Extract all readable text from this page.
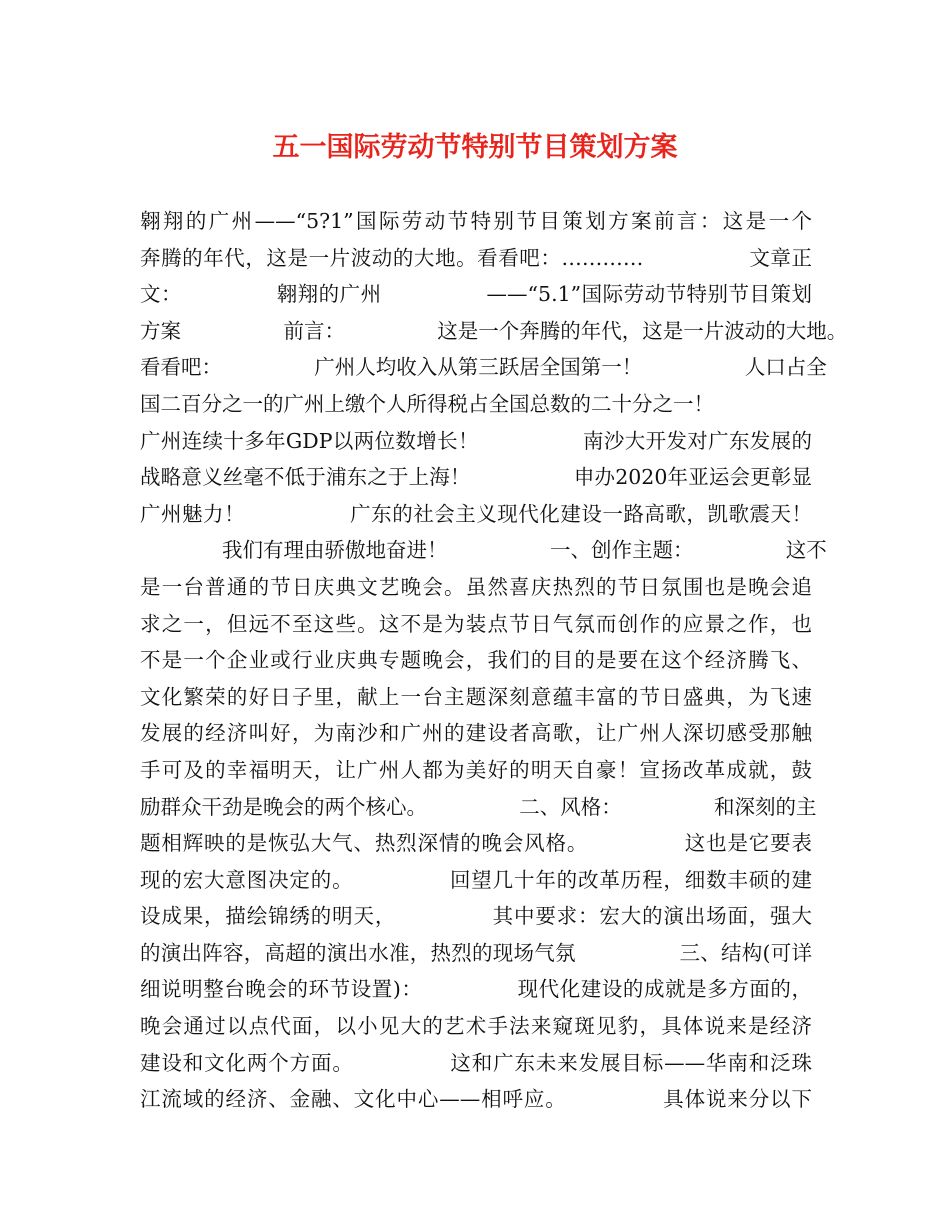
五一国际劳动节特别节目策划方案
翱翔的广州——“5?1”国际劳动节特别节目策划方案前言：这是一个
奔腾的年代，这是一片波动的大地。看看吧：…………　　　　　文章正
文：　　　　　翱翔的广州　　　　　——“5.1”国际劳动节特别节目策划
方案　　　　　前言：　　　　　这是一个奔腾的年代，这是一片波动的大地。
看看吧：　　　　　广州人均收入从第三跃居全国第一！　　　　　人口占全
国二百分之一的广州上缴个人所得税占全国总数的二十分之一！
广州连续十多年GDP以两位数增长！　　　　　南沙大开发对广东发展的
战略意义丝毫不低于浦东之于上海！　　　　　申办2020年亚运会更彰显
广州魅力！　　　　　广东的社会主义现代化建设一路高歌，凯歌震天！
　　　　我们有理由骄傲地奋进！　　　　　一、创作主题：　　　　　这不
是一台普通的节日庆典文艺晚会。虽然喜庆热烈的节日氛围也是晚会追
求之一，但远不至这些。这不是为装点节日气氛而创作的应景之作，也
不是一个企业或行业庆典专题晚会，我们的目的是要在这个经济腾飞、
文化繁荣的好日子里，献上一台主题深刻意蕴丰富的节日盛典，为飞速
发展的经济叫好，为南沙和广州的建设者高歌，让广州人深切感受那触
手可及的幸福明天，让广州人都为美好的明天自豪！宣扬改革成就，鼓
励群众干劲是晚会的两个核心。　　　　　二、风格：　　　　　和深刻的主
题相辉映的是恢弘大气、热烈深情的晚会风格。　　　　　这也是它要表
现的宏大意图决定的。　　　　　回望几十年的改革历程，细数丰硕的建
设成果，描绘锦绣的明天，　　　　　其中要求：宏大的演出场面，强大
的演出阵容，高超的演出水准，热烈的现场气氛　　　　　三、结构(可详
细说明整台晚会的环节设置)：　　　　　现代化建设的成就是多方面的，
晚会通过以点代面，以小见大的艺术手法来窥斑见豹，具体说来是经济
建设和文化两个方面。　　　　　这和广东未来发展目标——华南和泛珠
江流域的经济、金融、文化中心——相呼应。　　　　　具体说来分以下
